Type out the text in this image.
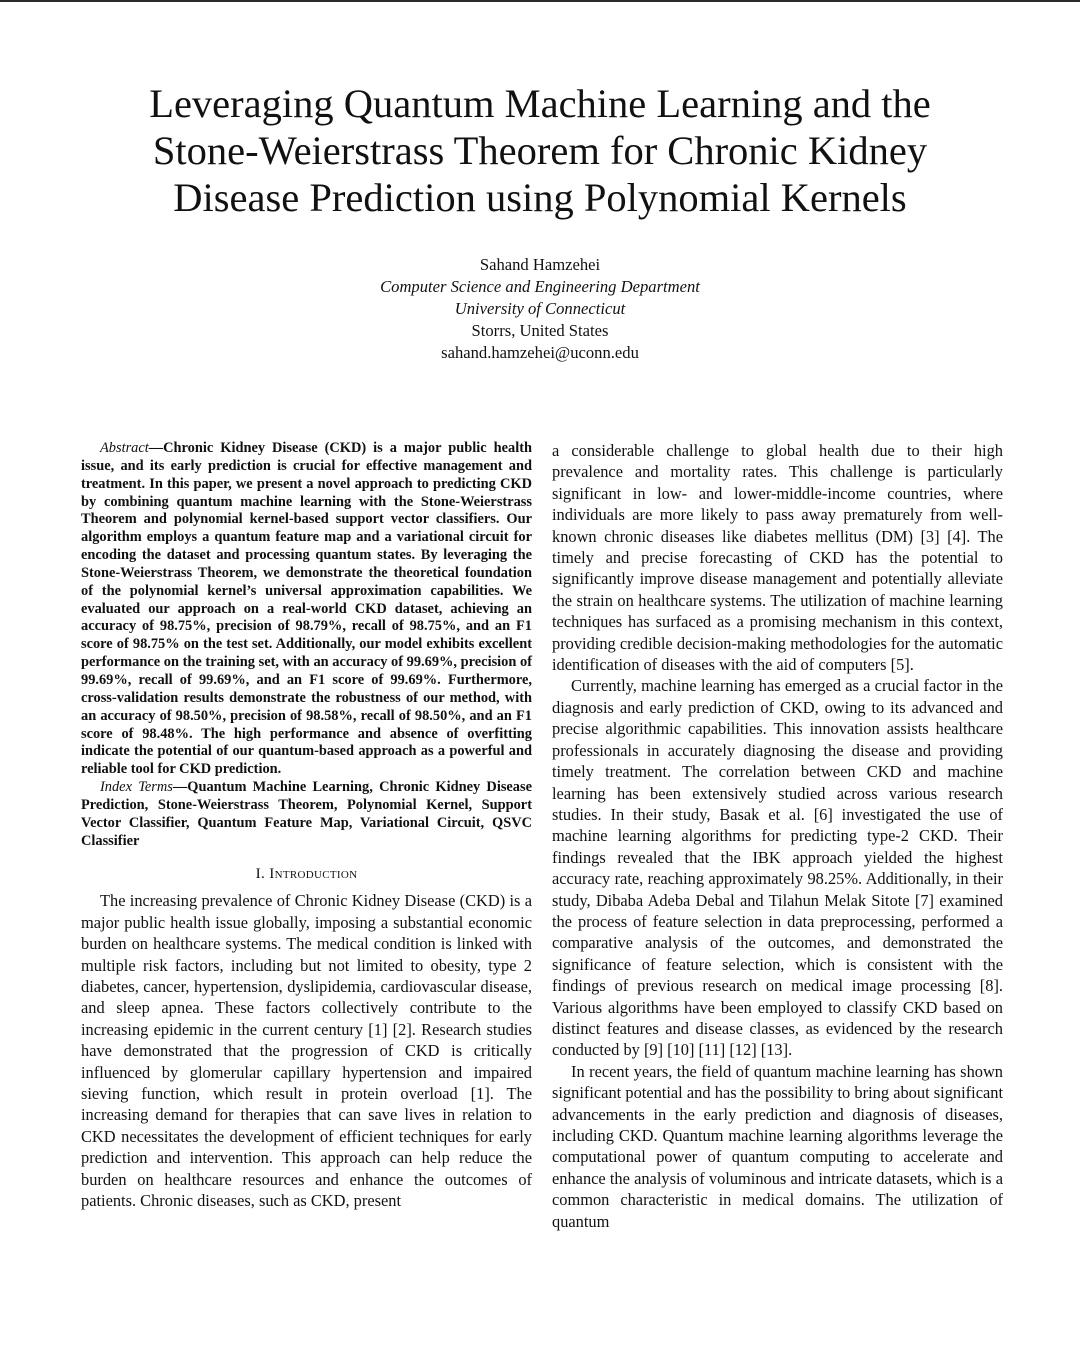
Leveraging Quantum Machine Learning and the
Stone-Weierstrass Theorem for Chronic Kidney
Disease Prediction using Polynomial Kernels
Sahand Hamzehei
Computer Science and Engineering Department
University of Connecticut
Storrs, United States
sahand.hamzehei@uconn.edu

Abstract—Chronic Kidney Disease (CKD) is a major public health issue, and its early prediction is crucial for effective management and treatment. In this paper, we present a novel approach to predicting CKD by combining quantum machine learning with the Stone-Weierstrass Theorem and polynomial kernel-based support vector classifiers. Our algorithm employs a quantum feature map and a variational circuit for encoding the dataset and processing quantum states. By leveraging the Stone-Weierstrass Theorem, we demonstrate the theoretical foundation of the polynomial kernel’s universal approximation capabilities. We evaluated our approach on a real-world CKD dataset, achieving an accuracy of 98.75%, precision of 98.79%, recall of 98.75%, and an F1 score of 98.75% on the test set. Additionally, our model exhibits excellent performance on the training set, with an accuracy of 99.69%, precision of 99.69%, recall of 99.69%, and an F1 score of 99.69%. Furthermore, cross-validation results demonstrate the robustness of our method, with an accuracy of 98.50%, precision of 98.58%, recall of 98.50%, and an F1 score of 98.48%. The high performance and absence of overfitting indicate the potential of our quantum-based approach as a powerful and reliable tool for CKD prediction.

Index Terms—Quantum Machine Learning, Chronic Kidney Disease Prediction, Stone-Weierstrass Theorem, Polynomial Kernel, Support Vector Classifier, Quantum Feature Map, Variational Circuit, QSVC Classifier

I. Introduction

The increasing prevalence of Chronic Kidney Disease (CKD) is a major public health issue globally, imposing a substantial economic burden on healthcare systems. The medical condition is linked with multiple risk factors, including but not limited to obesity, type 2 diabetes, cancer, hypertension, dyslipidemia, cardiovascular disease, and sleep apnea. These factors collectively contribute to the increasing epidemic in the current century [1] [2]. Research studies have demonstrated that the progression of CKD is critically influenced by glomerular capillary hypertension and impaired sieving function, which result in protein overload [1]. The increasing demand for therapies that can save lives in relation to CKD necessitates the development of efficient techniques for early prediction and intervention. This approach can help reduce the burden on healthcare resources and enhance the outcomes of patients. Chronic diseases, such as CKD, present

a considerable challenge to global health due to their high prevalence and mortality rates. This challenge is particularly significant in low- and lower-middle-income countries, where individuals are more likely to pass away prematurely from well-known chronic diseases like diabetes mellitus (DM) [3] [4]. The timely and precise forecasting of CKD has the potential to significantly improve disease management and potentially alleviate the strain on healthcare systems. The utilization of machine learning techniques has surfaced as a promising mechanism in this context, providing credible decision-making methodologies for the automatic identification of diseases with the aid of computers [5].

Currently, machine learning has emerged as a crucial factor in the diagnosis and early prediction of CKD, owing to its advanced and precise algorithmic capabilities. This innovation assists healthcare professionals in accurately diagnosing the disease and providing timely treatment. The correlation between CKD and machine learning has been extensively studied across various research studies. In their study, Basak et al. [6] investigated the use of machine learning algorithms for predicting type-2 CKD. Their findings revealed that the IBK approach yielded the highest accuracy rate, reaching approximately 98.25%. Additionally, in their study, Dibaba Adeba Debal and Tilahun Melak Sitote [7] examined the process of feature selection in data preprocessing, performed a comparative analysis of the outcomes, and demonstrated the significance of feature selection, which is consistent with the findings of previous research on medical image processing [8]. Various algorithms have been employed to classify CKD based on distinct features and disease classes, as evidenced by the research conducted by [9] [10] [11] [12] [13].

In recent years, the field of quantum machine learning has shown significant potential and has the possibility to bring about significant advancements in the early prediction and diagnosis of diseases, including CKD. Quantum machine learning algorithms leverage the computational power of quantum computing to accelerate and enhance the analysis of voluminous and intricate datasets, which is a common characteristic in medical domains. The utilization of quantum
